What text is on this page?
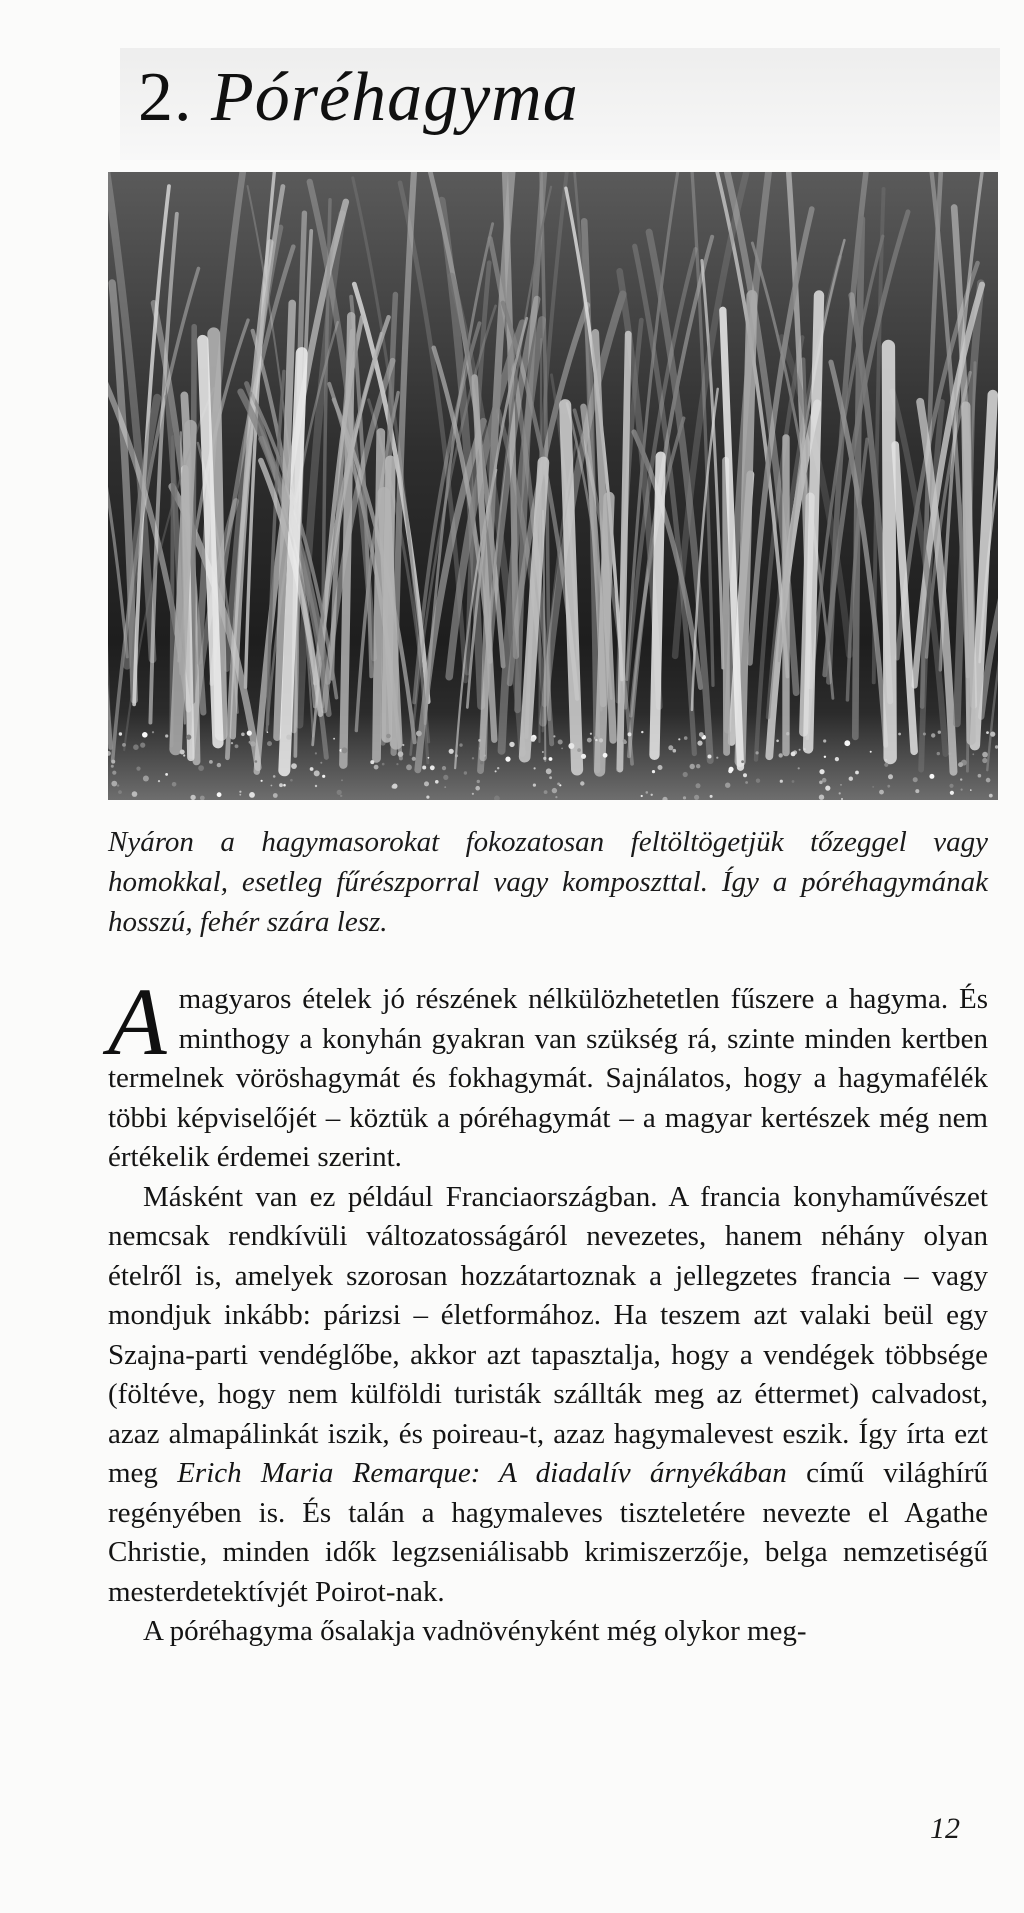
2. Póréhagyma

Nyáron a hagymasorokat fokozatosan feltöltögetjük tőzeggel vagy homokkal, esetleg fűrészporral vagy komposzttal. Így a póréhagymának hosszú, fehér szára lesz.

Amagyaros ételek jó részének nélkülözhetetlen fűszere a hagyma. És minthogy a konyhán gyakran van szükség rá, szinte minden kertben termelnek vöröshagymát és fokhagymát. Sajnálatos, hogy a hagymafélék többi képviselőjét – köztük a póréhagymát – a magyar kertészek még nem értékelik érdemei szerint.

Másként van ez például Franciaországban. A francia konyhaművészet nemcsak rendkívüli változatosságáról nevezetes, hanem néhány olyan ételről is, amelyek szorosan hozzátartoznak a jellegzetes francia – vagy mondjuk inkább: párizsi – életformához. Ha teszem azt valaki beül egy Szajna-parti vendéglőbe, akkor azt tapasztalja, hogy a vendégek többsége (föltéve, hogy nem külföldi turisták szállták meg az éttermet) calvadost, azaz almapálinkát iszik, és poireau-t, azaz hagymalevest eszik. Így írta ezt meg Erich Maria Remarque: A diadalív árnyékában című világhírű regényében is. És talán a hagymaleves tiszteletére nevezte el Agathe Christie, minden idők legzseniálisabb krimiszerzője, belga nemzetiségű mesterdetektívjét Poirot-nak.

A póréhagyma ősalakja vadnövényként még olykor meg-

12
